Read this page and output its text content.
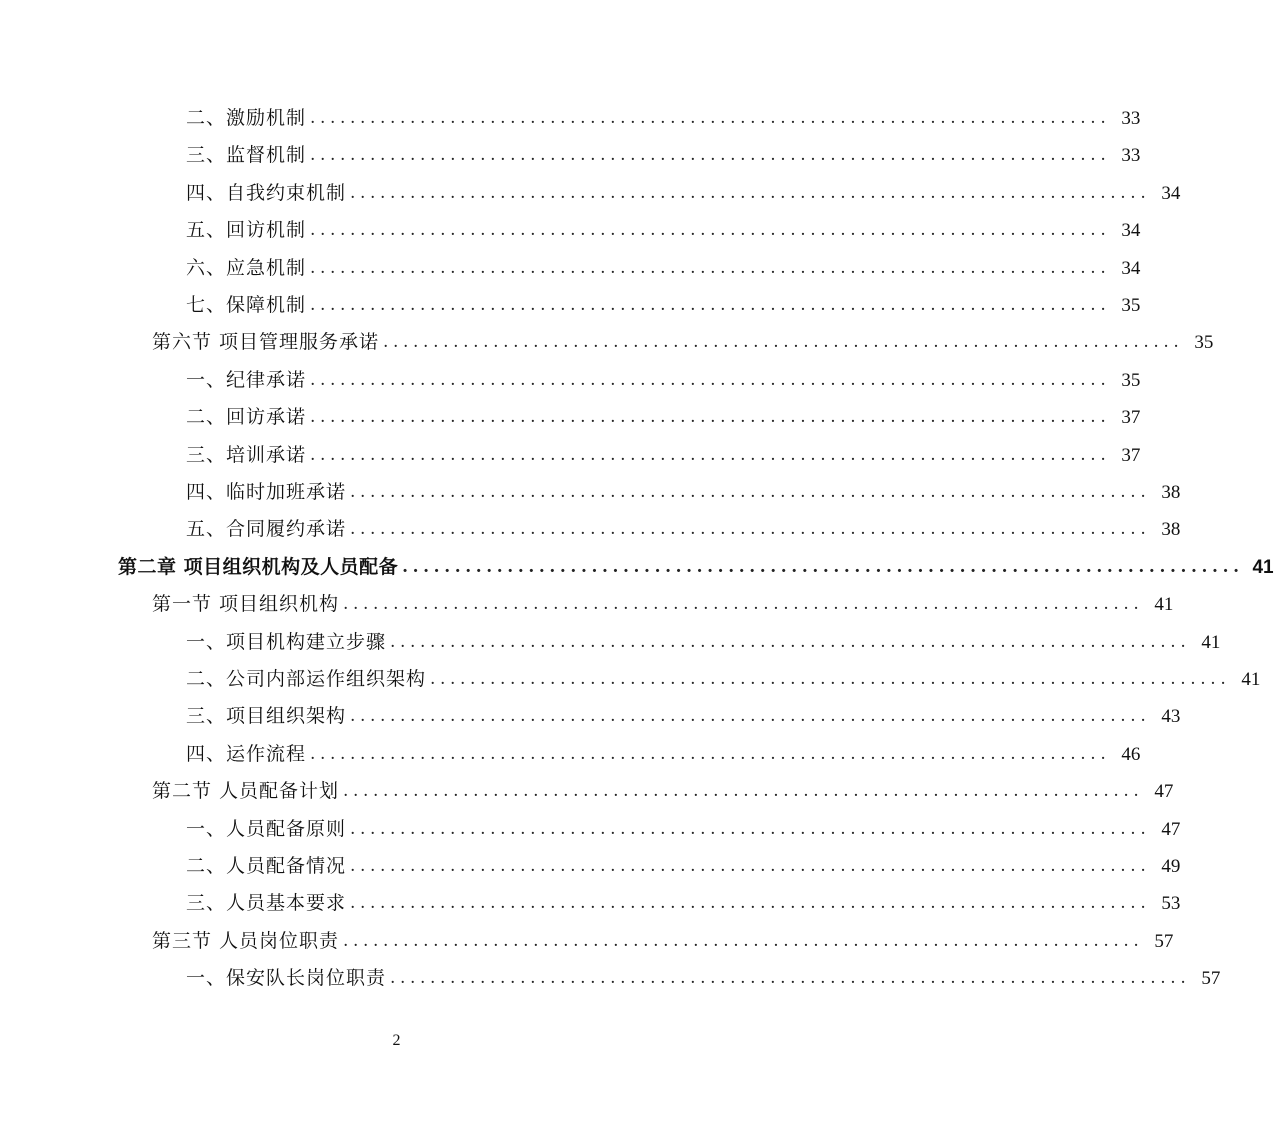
二、激励机制 ................................................................................ 33
三、监督机制 ................................................................................ 33
四、自我约束机制 ................................................................................ 34
五、回访机制 ................................................................................ 34
六、应急机制 ................................................................................ 34
七、保障机制 ................................................................................ 35
第六节 项目管理服务承诺 ................................................................................ 35
一、纪律承诺 ................................................................................ 35
二、回访承诺 ................................................................................ 37
三、培训承诺 ................................................................................ 37
四、临时加班承诺 ................................................................................ 38
五、合同履约承诺 ................................................................................ 38
第二章 项目组织机构及人员配备 ................................................................................ 41
第一节 项目组织机构 ................................................................................ 41
一、项目机构建立步骤 ................................................................................ 41
二、公司内部运作组织架构 ................................................................................ 41
三、项目组织架构 ................................................................................ 43
四、运作流程 ................................................................................ 46
第二节 人员配备计划 ................................................................................ 47
一、人员配备原则 ................................................................................ 47
二、人员配备情况 ................................................................................ 49
三、人员基本要求 ................................................................................ 53
第三节 人员岗位职责 ................................................................................ 57
一、保安队长岗位职责 ................................................................................ 57
2
